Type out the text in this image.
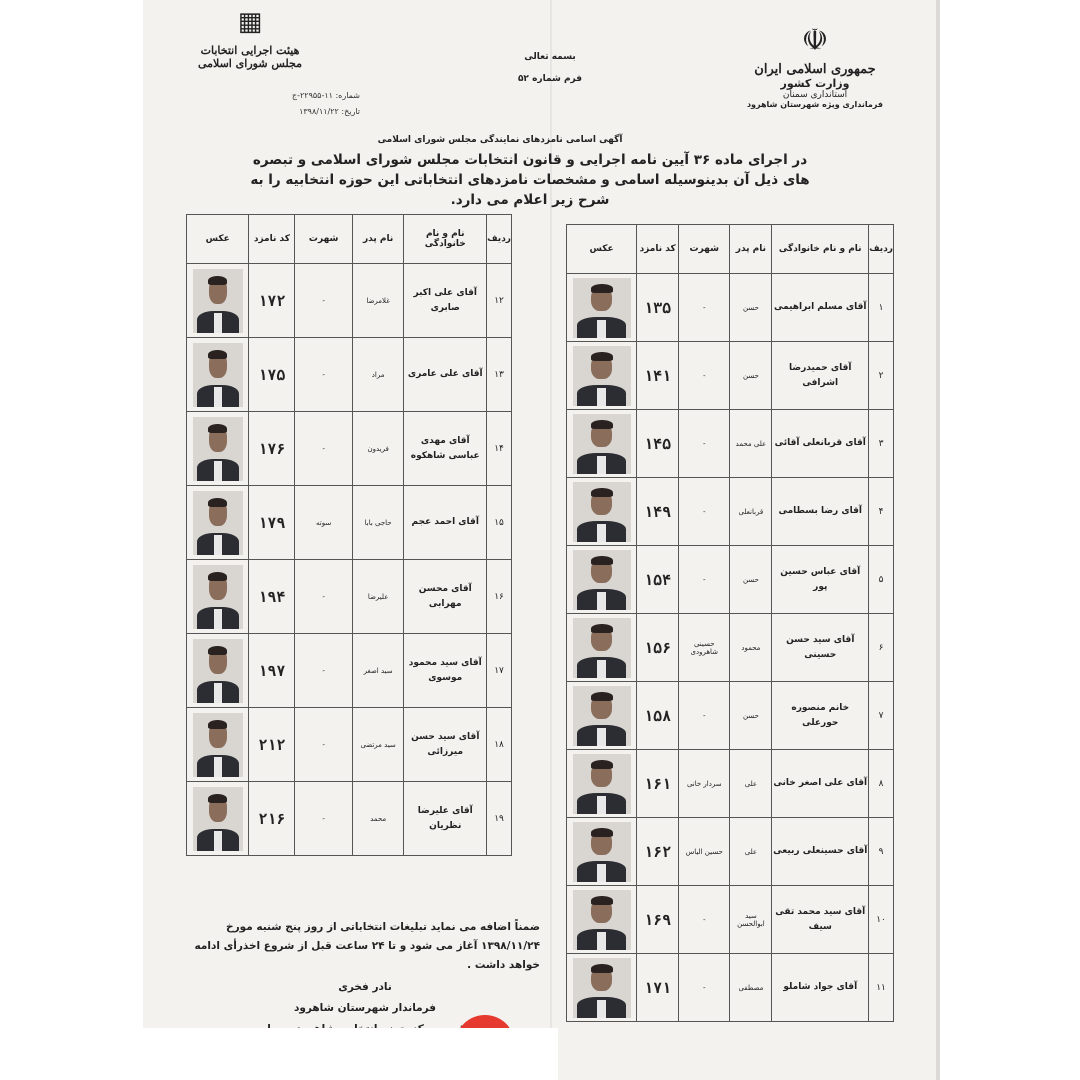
☫
جمهوری اسلامی ایران
وزارت کشور
استانداری سمنان
فرمانداری ویژه شهرستان شاهرود
بسمه تعالی
فرم شماره ۵۲
▦
هیئت اجرایی انتخابات
مجلس شورای اسلامی
شماره: ۱۱-۲۲۹۵۵-ج
تاریخ: ۱۳۹۸/۱۱/۲۲
آگهی اسامی نامزدهای نمایندگی مجلس شورای اسلامی
در اجرای ماده ۳۶ آیین نامه اجرایی و قانون انتخابات مجلس شورای اسلامی و تبصره های ذیل آن بدینوسیله اسامی و مشخصات نامزدهای انتخاباتی این حوزه انتخابیه را به شرح زیر اعلام می دارد.
ردیف	نام و نام خانوادگی	نام پدر	شهرت	کد نامزد	عکس
۱	آقای مسلم ابراهیمی	حسن	-	۱۳۵	

۲	آقای حمیدرضا اشرافی	حسن	-	۱۴۱	

۳	آقای قربانعلی آقائی	علی محمد	-	۱۴۵	

۴	آقای رضا بسطامی	قربانعلی	-	۱۴۹	

۵	آقای عباس حسین پور	حسن	-	۱۵۴	

۶	آقای سید حسن حسینی	محمود	حسینی شاهرودی	۱۵۶	

۷	خانم منصوره حورعلی	حسن	-	۱۵۸	

۸	آقای علی اصغر خانی	علی	سردار خانی	۱۶۱	

۹	آقای حسینعلی ربیعی	علی	حسین الیاس	۱۶۲	

۱۰	آقای سید محمد تقی سیف	سید ابوالحسن	-	۱۶۹	

۱۱	آقای جواد شاملو	مصطفی	-	۱۷۱	
ردیف	نام و نام خانوادگی	نام پدر	شهرت	کد نامزد	عکس
۱۲	آقای علی اکبر صابری	غلامرضا	-	۱۷۲	

۱۳	آقای علی عامری	مراد	-	۱۷۵	

۱۴	آقای مهدی عباسی شاهکوه	فریدون	-	۱۷۶	

۱۵	آقای احمد عجم	حاجی بابا	سوته	۱۷۹	

۱۶	آقای محسن مهرابی	علیرضا	-	۱۹۴	

۱۷	آقای سید محمود موسوی	سید اصغر	-	۱۹۷	

۱۸	آقای سید حسن میرزائی	سید مرتضی	-	۲۱۲	

۱۹	آقای علیرضا نظریان	محمد	-	۲۱۶	
ضمناً اضافه می نماید تبلیغات انتخاباتی از روز پنج شنبه مورخ ۱۳۹۸/۱۱/۲۴ آغاز می شود و تا ۲۴ ساعت قبل از شروع اخذرأی ادامه خواهد داشت .
نادر فخری
فرماندار شهرستان شاهرود
